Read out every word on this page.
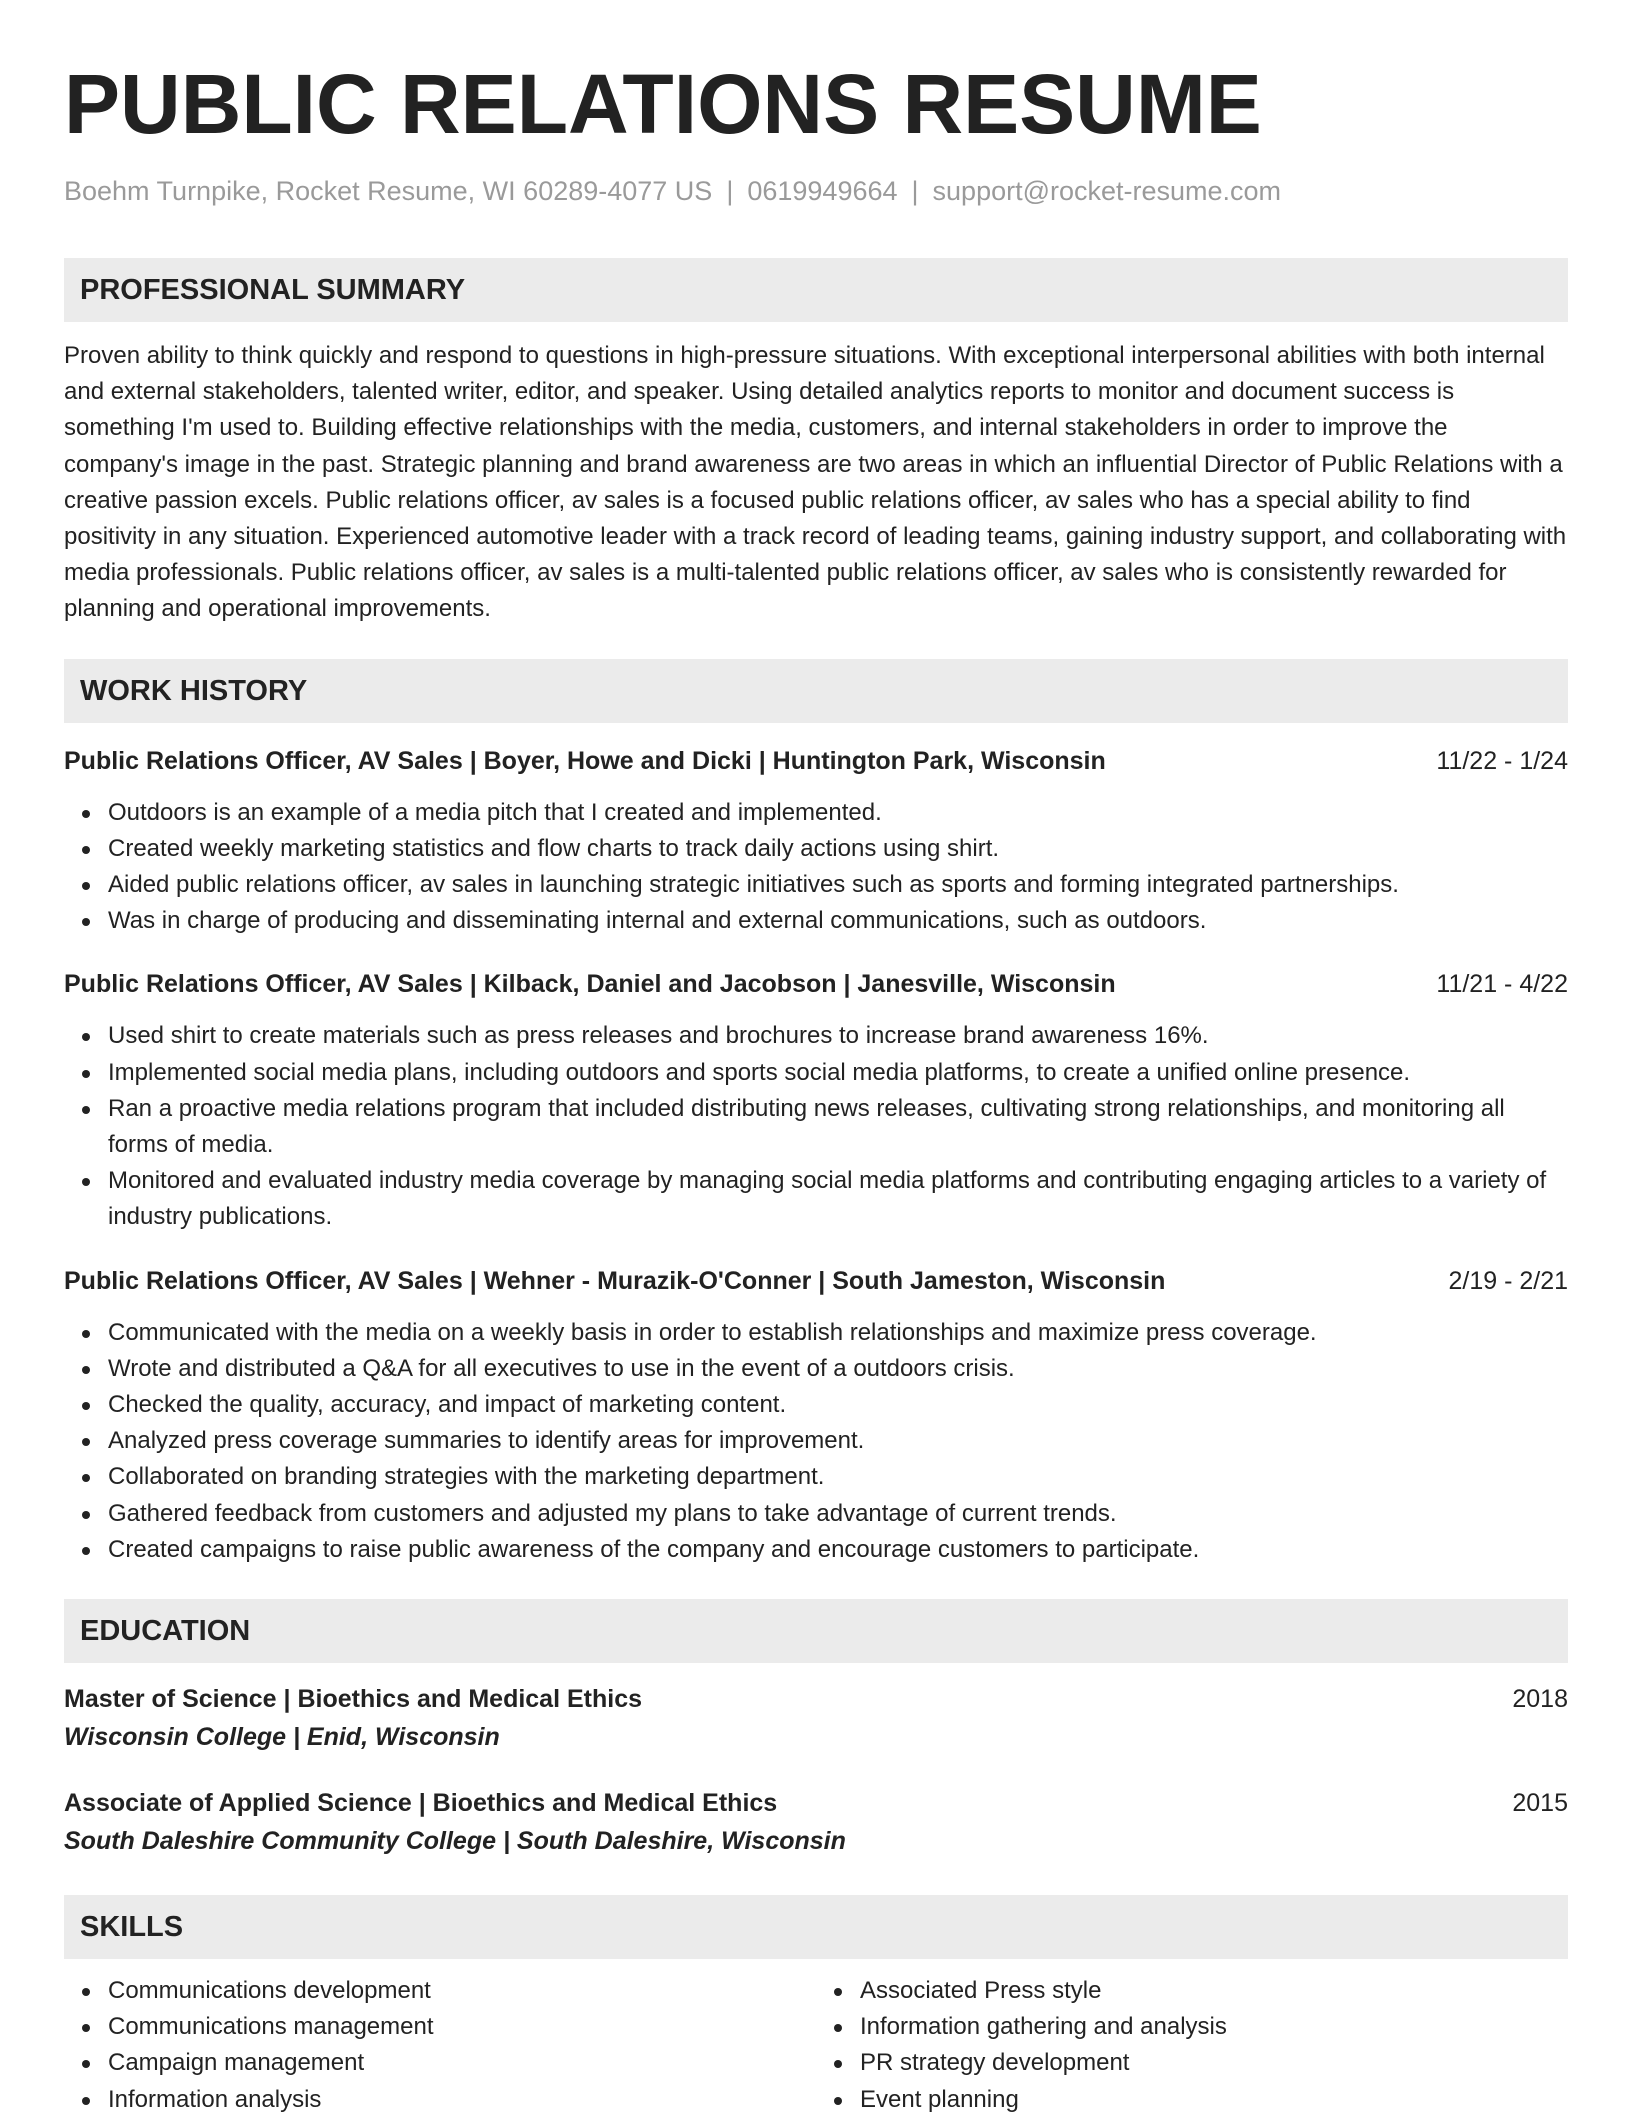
PUBLIC RELATIONS RESUME
Boehm Turnpike, Rocket Resume, WI 60289-4077 US | 0619949664 | support@rocket-resume.com
PROFESSIONAL SUMMARY
Proven ability to think quickly and respond to questions in high-pressure situations. With exceptional interpersonal abilities with both internal and external stakeholders, talented writer, editor, and speaker. Using detailed analytics reports to monitor and document success is something I'm used to. Building effective relationships with the media, customers, and internal stakeholders in order to improve the company's image in the past. Strategic planning and brand awareness are two areas in which an influential Director of Public Relations with a creative passion excels. Public relations officer, av sales is a focused public relations officer, av sales who has a special ability to find positivity in any situation. Experienced automotive leader with a track record of leading teams, gaining industry support, and collaborating with media professionals. Public relations officer, av sales is a multi-talented public relations officer, av sales who is consistently rewarded for planning and operational improvements.
WORK HISTORY
Public Relations Officer, AV Sales | Boyer, Howe and Dicki | Huntington Park, Wisconsin	11/22 - 1/24
Outdoors is an example of a media pitch that I created and implemented.
Created weekly marketing statistics and flow charts to track daily actions using shirt.
Aided public relations officer, av sales in launching strategic initiatives such as sports and forming integrated partnerships.
Was in charge of producing and disseminating internal and external communications, such as outdoors.
Public Relations Officer, AV Sales | Kilback, Daniel and Jacobson | Janesville, Wisconsin	11/21 - 4/22
Used shirt to create materials such as press releases and brochures to increase brand awareness 16%.
Implemented social media plans, including outdoors and sports social media platforms, to create a unified online presence.
Ran a proactive media relations program that included distributing news releases, cultivating strong relationships, and monitoring all forms of media.
Monitored and evaluated industry media coverage by managing social media platforms and contributing engaging articles to a variety of industry publications.
Public Relations Officer, AV Sales | Wehner - Murazik-O'Conner | South Jameston, Wisconsin	2/19 - 2/21
Communicated with the media on a weekly basis in order to establish relationships and maximize press coverage.
Wrote and distributed a Q&A for all executives to use in the event of a outdoors crisis.
Checked the quality, accuracy, and impact of marketing content.
Analyzed press coverage summaries to identify areas for improvement.
Collaborated on branding strategies with the marketing department.
Gathered feedback from customers and adjusted my plans to take advantage of current trends.
Created campaigns to raise public awareness of the company and encourage customers to participate.
EDUCATION
Master of Science | Bioethics and Medical Ethics	2018
Wisconsin College | Enid, Wisconsin
Associate of Applied Science | Bioethics and Medical Ethics	2015
South Daleshire Community College | South Daleshire, Wisconsin
SKILLS
Communications development
Communications management
Campaign management
Information analysis
Associated Press style
Information gathering and analysis
PR strategy development
Event planning
